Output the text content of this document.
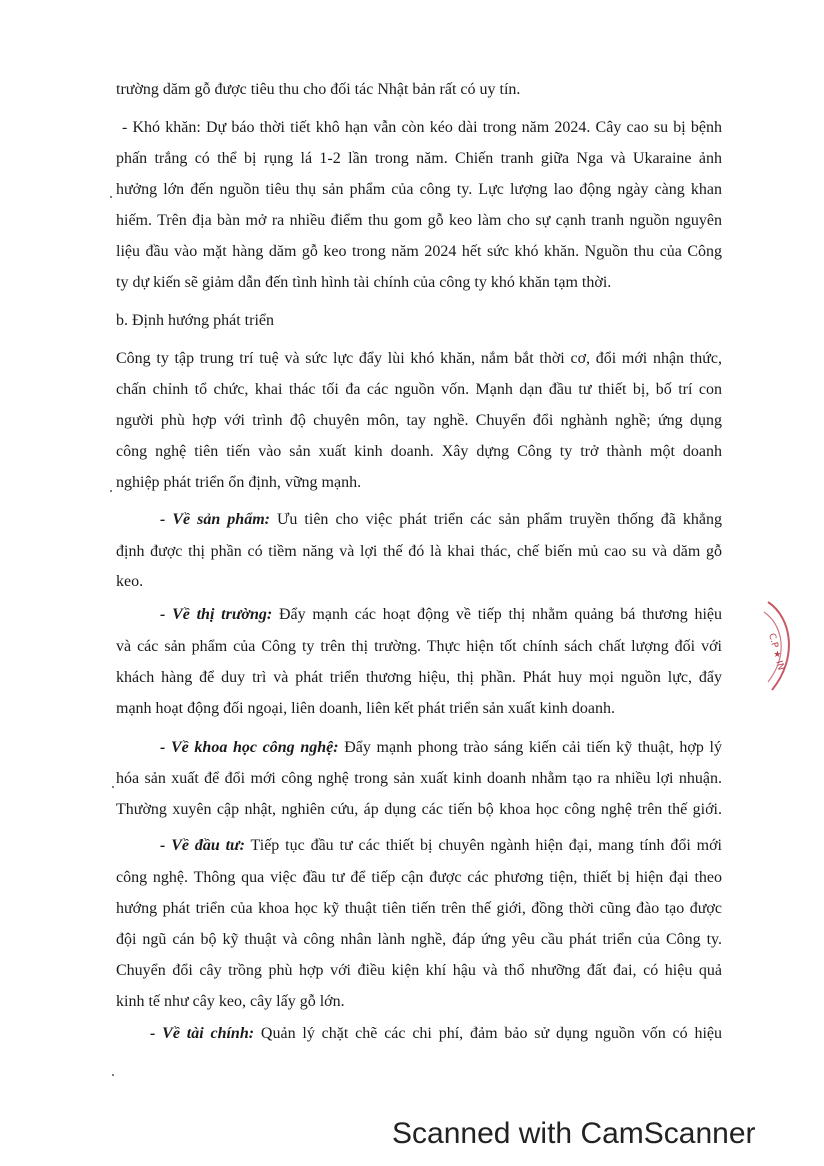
trường dăm gỗ được tiêu thu cho đối tác Nhật bản rất có uy tín.
- Khó khăn: Dự báo thời tiết khô hạn vẫn còn kéo dài trong năm 2024. Cây cao su bị bệnh
phấn trắng có thể bị rụng lá 1-2 lần trong năm. Chiến tranh giữa Nga và Ukaraine ảnh
hưởng lớn đến nguồn tiêu thụ sản phẩm của công ty. Lực lượng lao động ngày càng khan
hiếm. Trên địa bàn mở ra nhiều điểm thu gom gỗ keo làm cho sự cạnh tranh nguồn nguyên
liệu đầu vào mặt hàng dăm gỗ keo trong năm 2024 hết sức khó khăn. Nguồn thu của Công
ty dự kiến sẽ giảm dẫn đến tình hình tài chính của công ty khó khăn tạm thời.
b. Định hướng phát triển
Công ty tập trung trí tuệ và sức lực đẩy lùi khó khăn, nắm bắt thời cơ, đổi mới nhận thức,
chấn chỉnh tổ chức, khai thác tối đa các nguồn vốn. Mạnh dạn đầu tư thiết bị, bố trí con
người phù hợp với trình độ chuyên môn, tay nghề. Chuyển đổi nghành nghề; ứng dụng
công nghệ tiên tiến vào sản xuất kinh doanh. Xây dựng Công ty trở thành một doanh
nghiệp phát triển ổn định, vững mạnh.
- Về sản phẩm: Ưu tiên cho việc phát triển các sản phẩm truyền thống đã khẳng
định được thị phần có tiềm năng và lợi thế đó là khai thác, chế biến mủ cao su và dăm gỗ
keo.
- Về thị trường: Đẩy mạnh các hoạt động về tiếp thị nhằm quảng bá thương hiệu
và các sản phẩm của Công ty trên thị trường. Thực hiện tốt chính sách chất lượng đối với
khách hàng để duy trì và phát triển thương hiệu, thị phần. Phát huy mọi nguồn lực, đẩy
mạnh hoạt động đối ngoại, liên doanh, liên kết phát triển sản xuất kinh doanh.
- Về khoa học công nghệ: Đẩy mạnh phong trào sáng kiến cải tiến kỹ thuật, hợp lý
hóa sản xuất để đổi mới công nghệ trong sản xuất kinh doanh nhằm tạo ra nhiều lợi nhuận.
Thường xuyên cập nhật, nghiên cứu, áp dụng các tiến bộ khoa học công nghệ trên thế giới.
- Về đầu tư: Tiếp tục đầu tư các thiết bị chuyên ngành hiện đại, mang tính đổi mới
công nghệ. Thông qua việc đầu tư để tiếp cận được các phương tiện, thiết bị hiện đại theo
hướng phát triển của khoa học kỹ thuật tiên tiến trên thế giới, đồng thời cũng đào tạo được
đội ngũ cán bộ kỹ thuật và công nhân lành nghề, đáp ứng yêu cầu phát triển của Công ty.
Chuyển đổi cây trồng phù hợp với điều kiện khí hậu và thổ nhưỡng đất đai, có hiệu quả
kinh tế như cây keo, cây lấy gỗ lớn.
- Về tài chính: Quản lý chặt chẽ các chi phí, đảm bảo sử dụng nguồn vốn có hiệu
C.P ★ IN
Scanned with CamScanner
